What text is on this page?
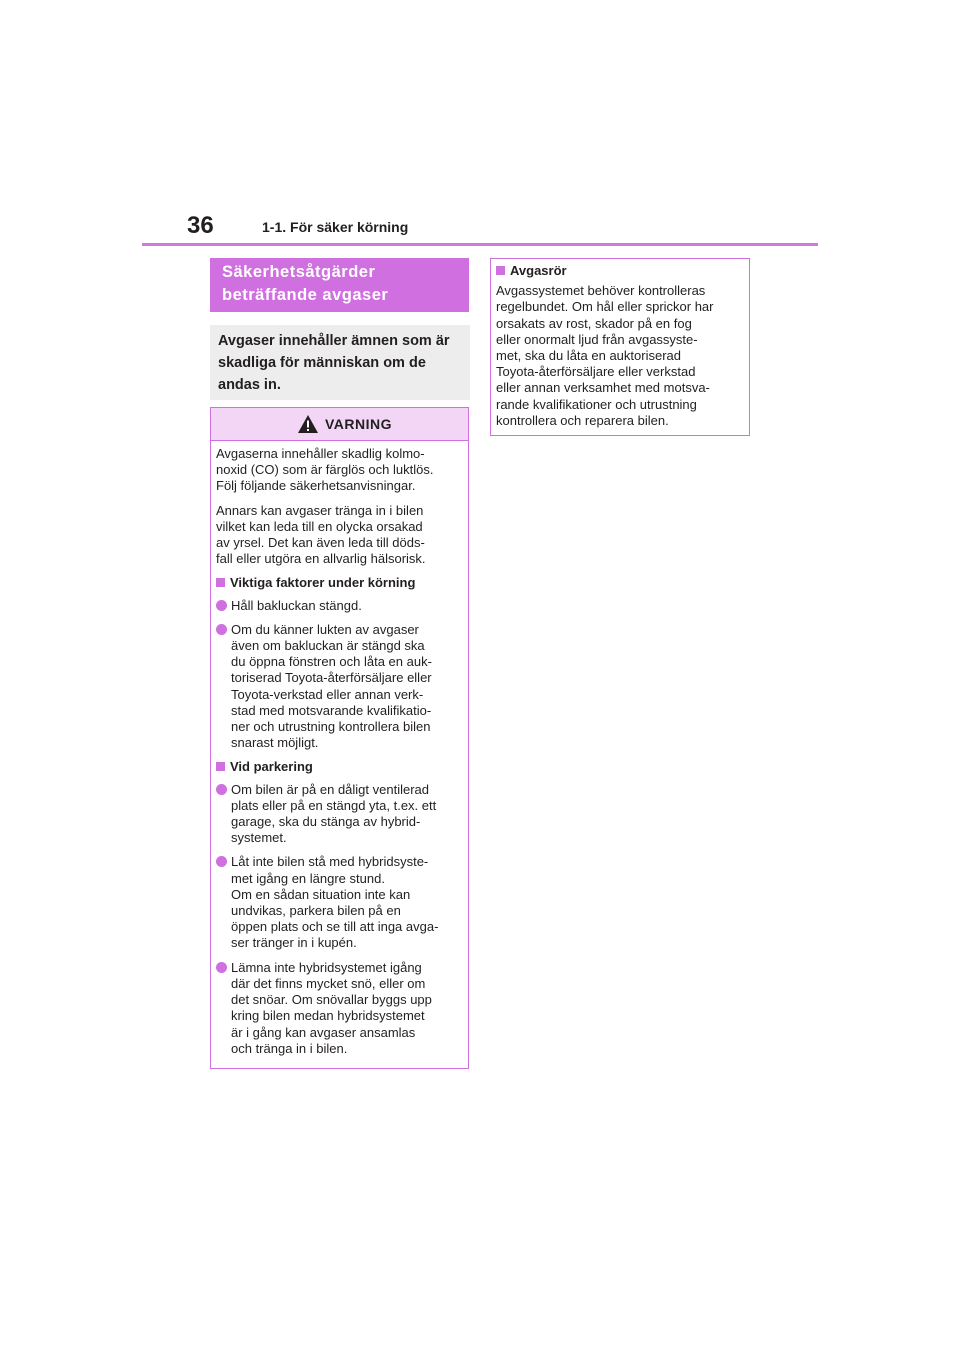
36	1-1. För säker körning
Säkerhetsåtgärder beträffande avgaser
Avgaser innehåller ämnen som är skadliga för människan om de andas in.
VARNING

Avgaserna innehåller skadlig kolmo-
noxid (CO) som är färglös och luktlös.
Följ följande säkerhetsanvisningar.

Annars kan avgaser tränga in i bilen
vilket kan leda till en olycka orsakad
av yrsel. Det kan även leda till döds-
fall eller utgöra en allvarlig hälsorisk.

Viktiga faktorer under körning
Håll bakluckan stängd.
Om du känner lukten av avgaser
även om bakluckan är stängd ska
du öppna fönstren och låta en auk-
toriserad Toyota-återförsäljare eller
Toyota-verkstad eller annan verk-
stad med motsvarande kvalifikatio-
ner och utrustning kontrollera bilen
snarast möjligt.
Vid parkering
Om bilen är på en dåligt ventilerad
plats eller på en stängd yta, t.ex. ett
garage, ska du stänga av hybrid-
systemet.
Låt inte bilen stå med hybridsyste-
met igång en längre stund.
Om en sådan situation inte kan
undvikas, parkera bilen på en
öppen plats och se till att inga avga-
ser tränger in i kupén.
Lämna inte hybridsystemet igång
där det finns mycket snö, eller om
det snöar. Om snövallar byggs upp
kring bilen medan hybridsystemet
är i gång kan avgaser ansamlas
och tränga in i bilen.
Avgasrör
Avgassystemet behöver kontrolleras
regelbundet. Om hål eller sprickor har
orsakats av rost, skador på en fog
eller onormalt ljud från avgassyste-
met, ska du låta en auktoriserad
Toyota-återförsäljare eller verkstad
eller annan verksamhet med motsva-
rande kvalifikationer och utrustning
kontrollera och reparera bilen.
